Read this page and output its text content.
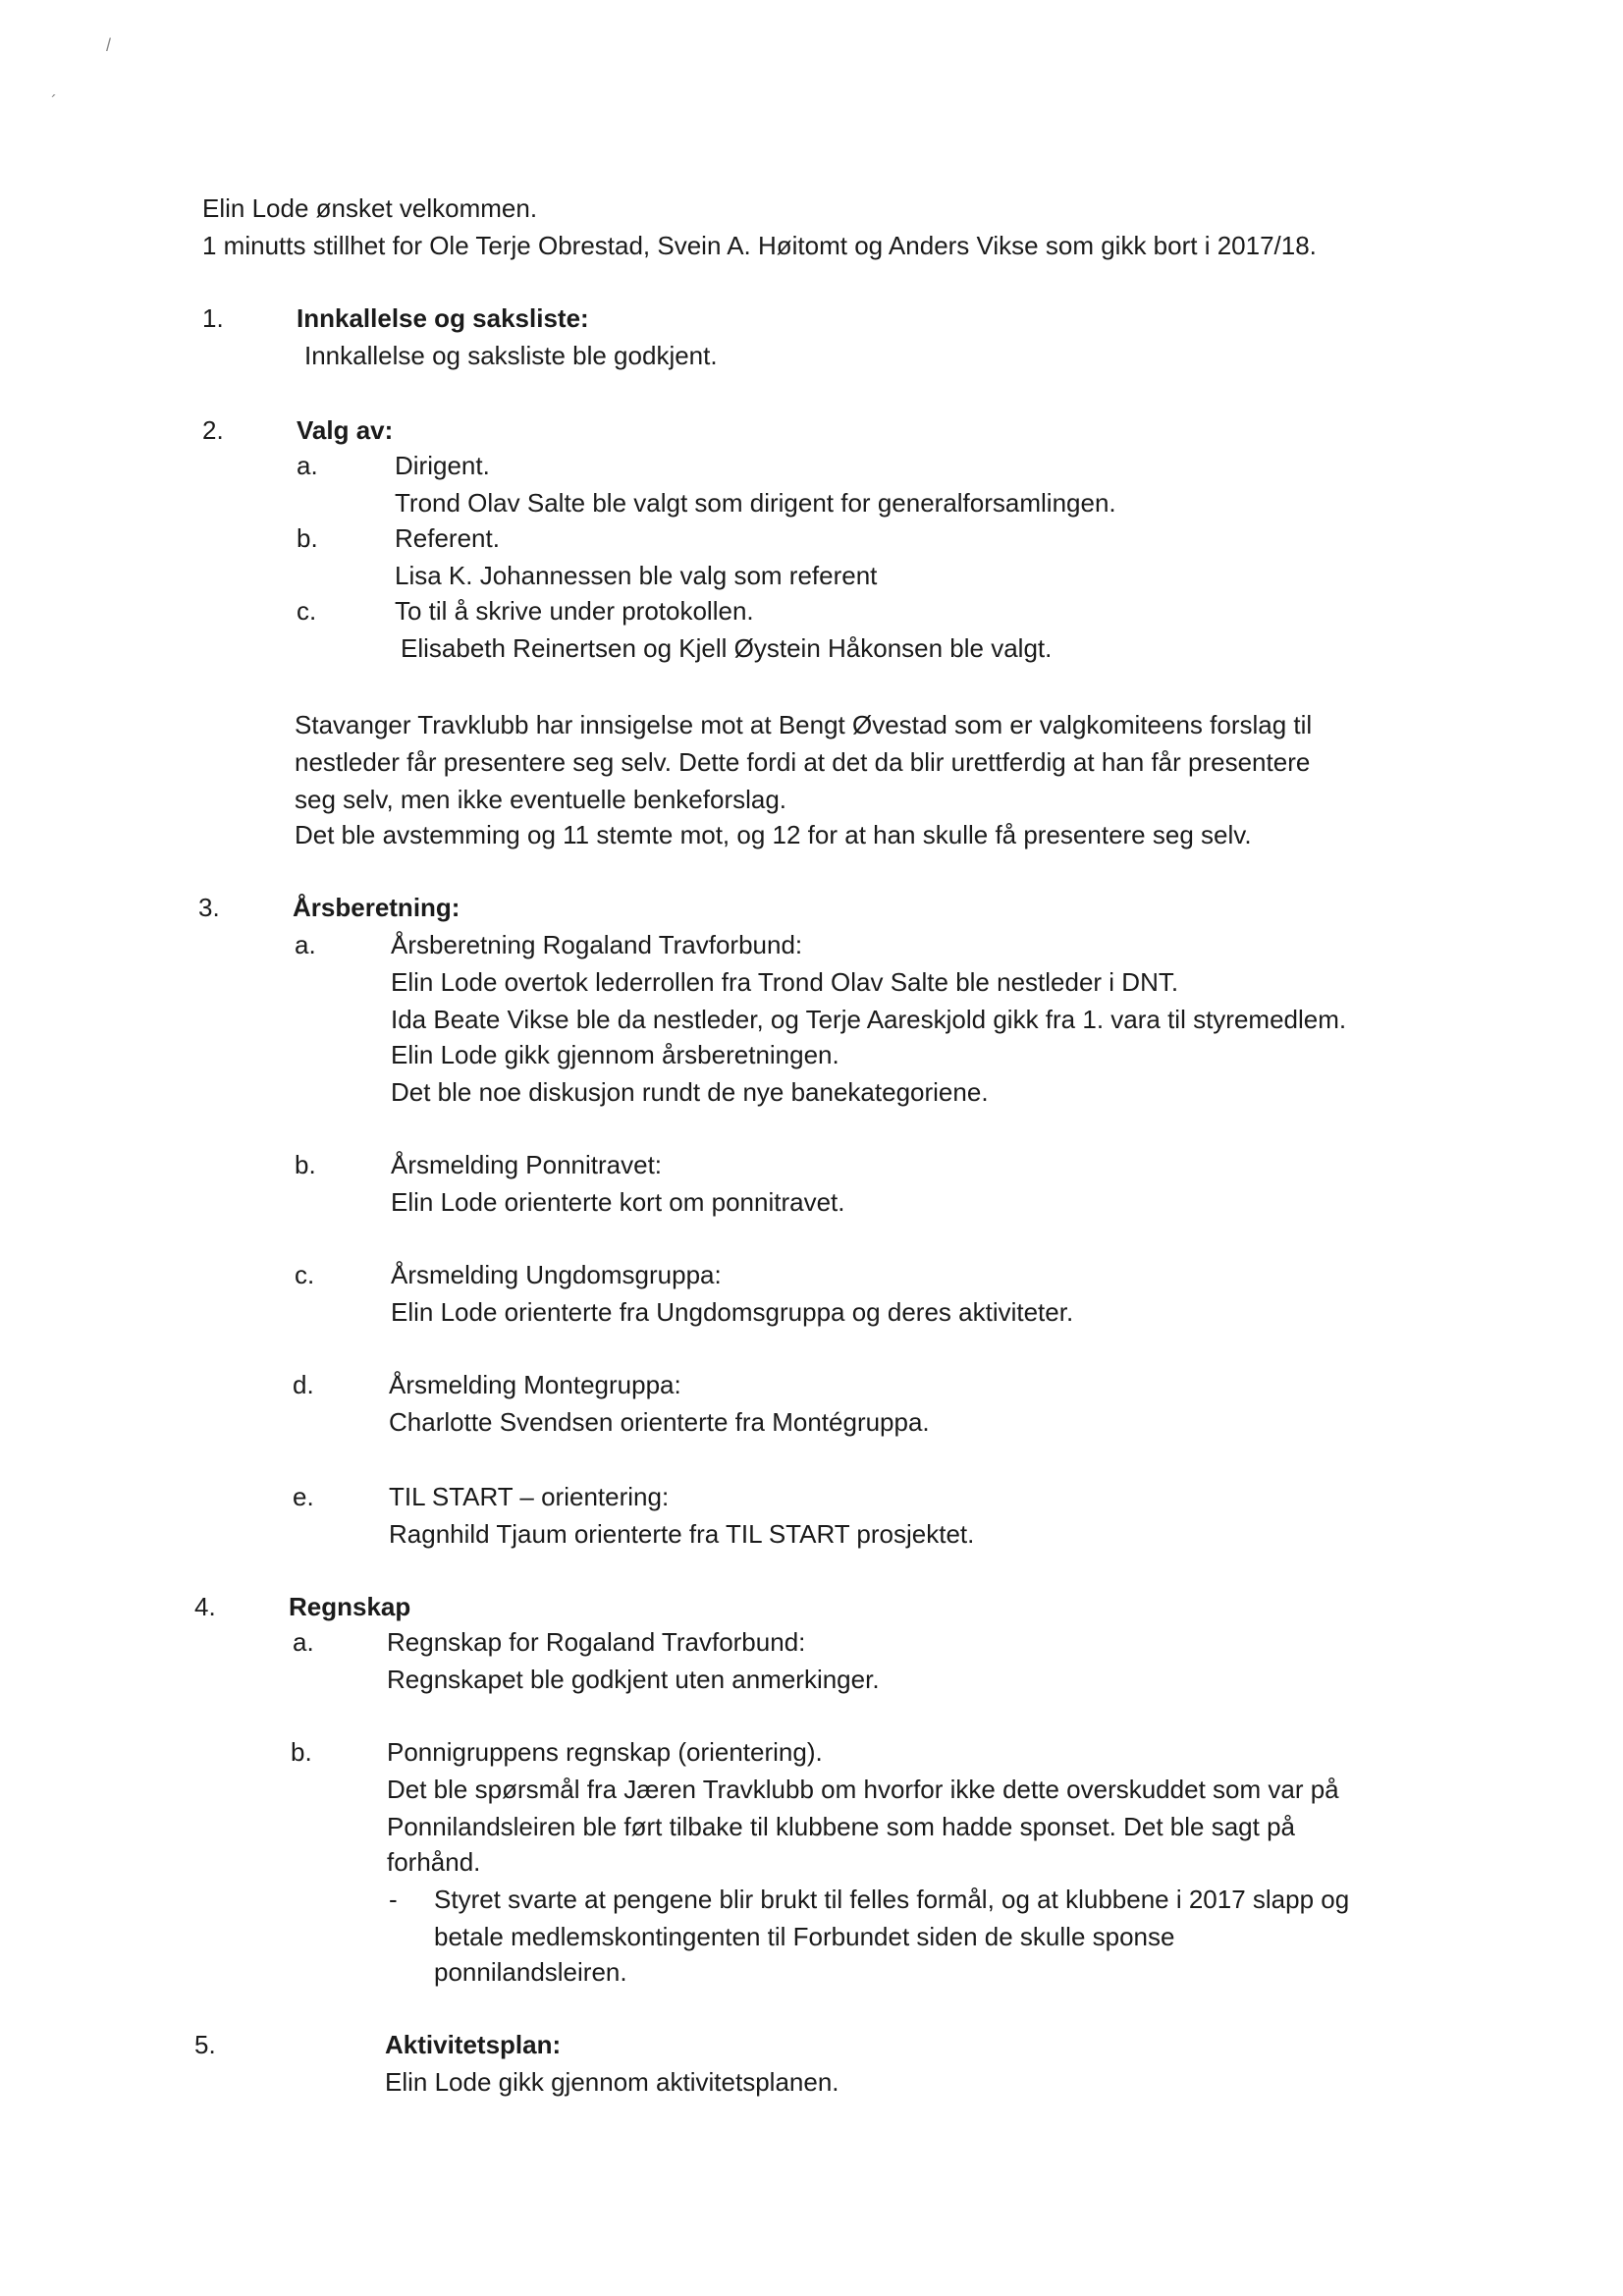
/
´
Elin Lode ønsket velkommen.
1 minutts stillhet for Ole Terje Obrestad, Svein A. Høitomt og Anders Vikse som gikk bort i 2017/18.
1.	Innkallelse og saksliste:
Innkallelse og saksliste ble godkjent.
2.	Valg av:
a.	Dirigent.
Trond Olav Salte ble valgt som dirigent for generalforsamlingen.
b.	Referent.
Lisa K. Johannessen ble valg som referent
c.	To til å skrive under protokollen.
Elisabeth Reinertsen og Kjell Øystein Håkonsen ble valgt.
Stavanger Travklubb har innsigelse mot at Bengt Øvestad som er valgkomiteens forslag til
nestleder får presentere seg selv. Dette fordi at det da blir urettferdig at han får presentere
seg selv, men ikke eventuelle benkeforslag.
Det ble avstemming og 11 stemte mot, og 12 for at han skulle få presentere seg selv.
3.	Årsberetning:
a.	Årsberetning Rogaland Travforbund:
Elin Lode overtok lederrollen fra Trond Olav Salte ble nestleder i DNT.
Ida Beate Vikse ble da nestleder, og Terje Aareskjold gikk fra 1. vara til styremedlem.
Elin Lode gikk gjennom årsberetningen.
Det ble noe diskusjon rundt de nye banekategoriene.
b.	Årsmelding Ponnitravet:
Elin Lode orienterte kort om ponnitravet.
c.	Årsmelding Ungdomsgruppa:
Elin Lode orienterte fra Ungdomsgruppa og deres aktiviteter.
d.	Årsmelding Montegruppa:
Charlotte Svendsen orienterte fra Montégruppa.
e.	TIL START – orientering:
Ragnhild Tjaum orienterte fra TIL START prosjektet.
4.	Regnskap
a.	Regnskap for Rogaland Travforbund:
Regnskapet ble godkjent uten anmerkinger.
b.	Ponnigruppens regnskap (orientering).
Det ble spørsmål fra Jæren Travklubb om hvorfor ikke dette overskuddet som var på
Ponnilandsleiren ble ført tilbake til klubbene som hadde sponset. Det ble sagt på
forhånd.
- Styret svarte at pengene blir brukt til felles formål, og at klubbene i 2017 slapp og
betale medlemskontingenten til Forbundet siden de skulle sponse
ponnilandsleiren.
5.	Aktivitetsplan:
Elin Lode gikk gjennom aktivitetsplanen.
